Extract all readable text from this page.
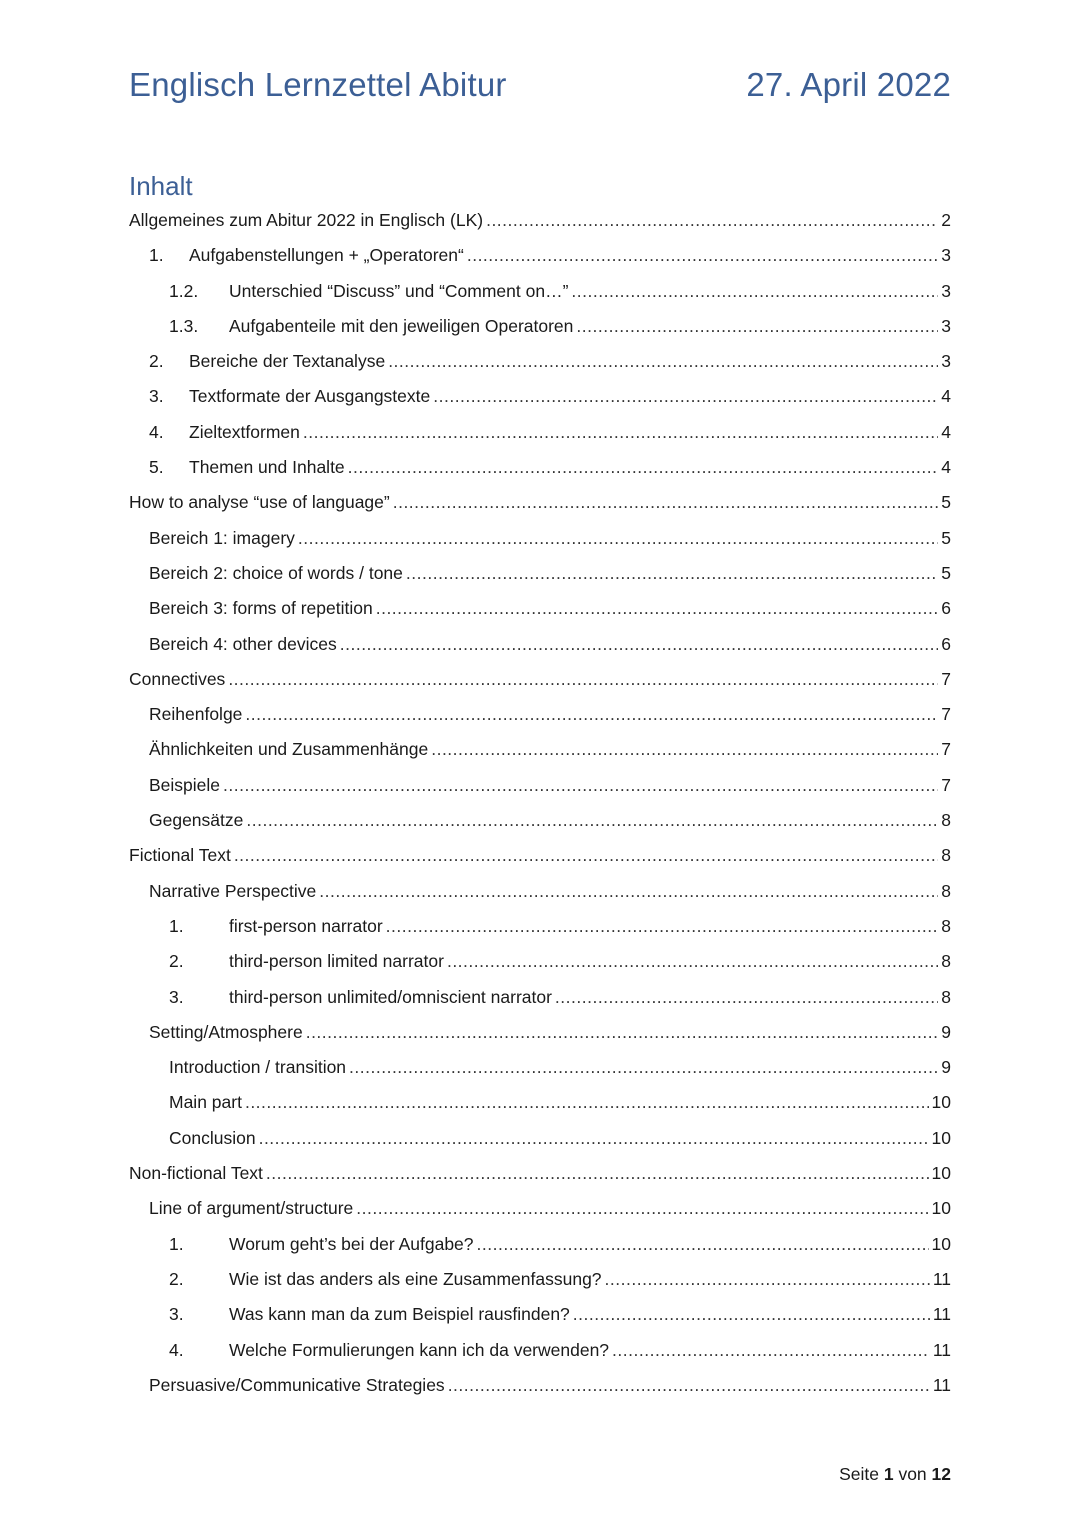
Englisch Lernzettel Abitur	27. April 2022
Inhalt
Allgemeines zum Abitur 2022 in Englisch (LK) .....	2
1.	Aufgabenstellungen + „Operatoren“ .....	3
1.2.	Unterschied “Discuss” und “Comment on…” .....	3
1.3.	Aufgabenteile mit den jeweiligen Operatoren .....	3
2.	Bereiche der Textanalyse .....	3
3.	Textformate der Ausgangstexte .....	4
4.	Zieltextformen .....	4
5.	Themen und Inhalte .....	4
How to analyse “use of language” .....	5
Bereich 1: imagery .....	5
Bereich 2: choice of words / tone .....	5
Bereich 3: forms of repetition .....	6
Bereich 4: other devices .....	6
Connectives .....	7
Reihenfolge .....	7
Ähnlichkeiten und Zusammenhänge .....	7
Beispiele .....	7
Gegensätze .....	8
Fictional Text .....	8
Narrative Perspective .....	8
1.	first-person narrator .....	8
2.	third-person limited narrator .....	8
3.	third-person unlimited/omniscient narrator .....	8
Setting/Atmosphere .....	9
Introduction / transition .....	9
Main part .....	10
Conclusion .....	10
Non-fictional Text .....	10
Line of argument/structure .....	10
1.	Worum geht’s bei der Aufgabe? .....	10
2.	Wie ist das anders als eine Zusammenfassung? .....	11
3.	Was kann man da zum Beispiel rausfinden? .....	11
4.	Welche Formulierungen kann ich da verwenden? .....	11
Persuasive/Communicative Strategies .....	11
Seite 1 von 12
